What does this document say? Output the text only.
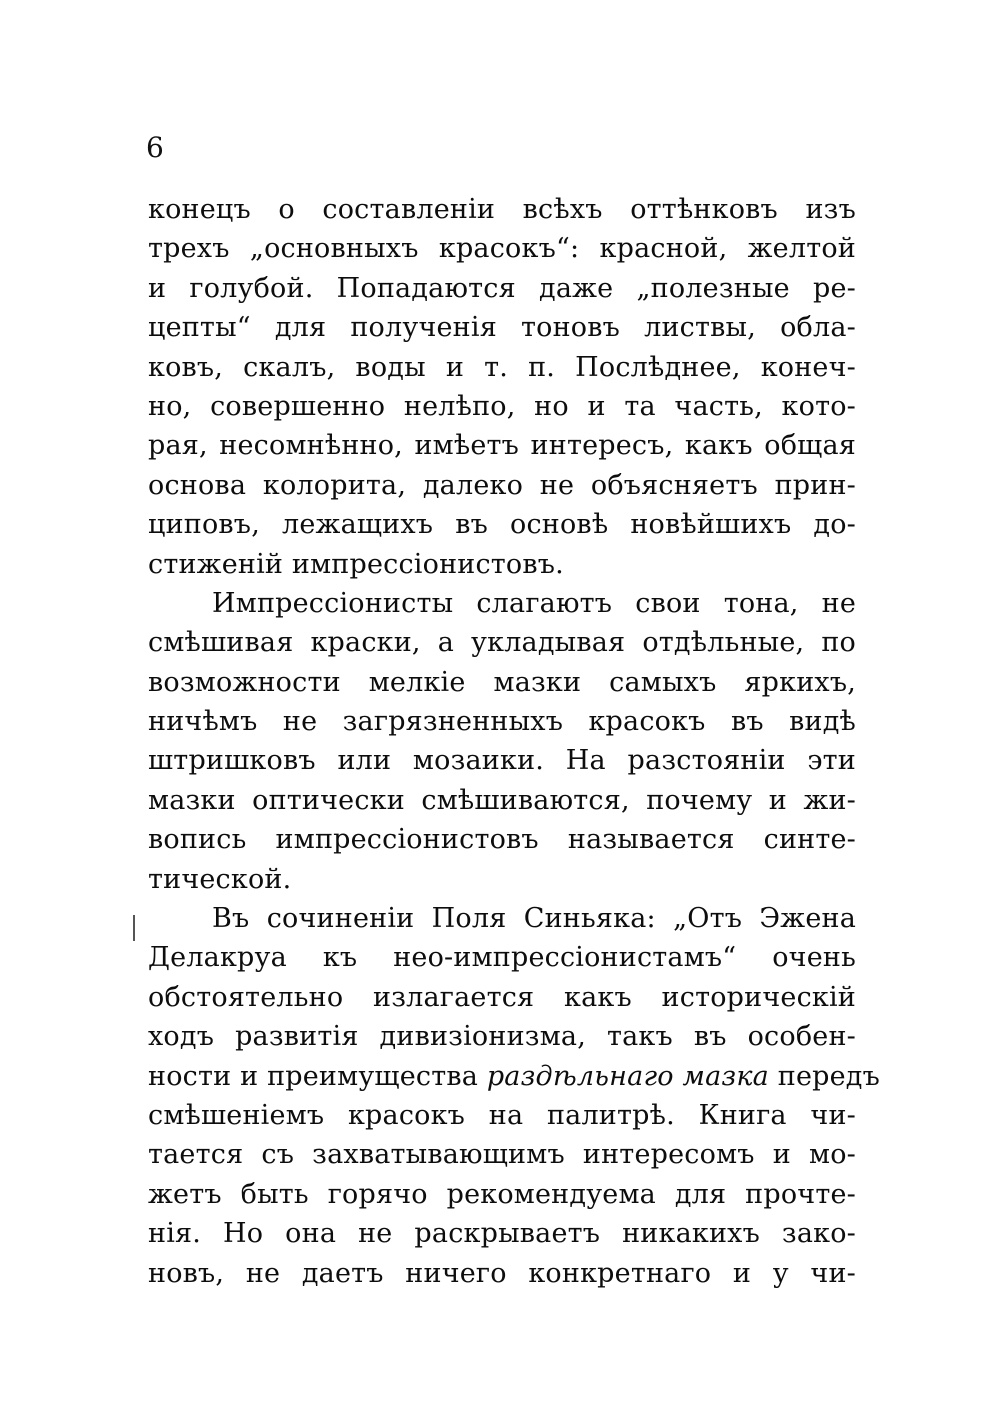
6
конецъ о составленіи всѣхъ оттѣнковъ изъ
трехъ „основныхъ красокъ“: красной, желтой
и голубой. Попадаются даже „полезные ре-
цепты“ для полученія тоновъ листвы, обла-
ковъ, скалъ, воды и т. п. Послѣднее, конеч-
но, совершенно нелѣпо, но и та часть, кото-
рая, несомнѣнно, имѣетъ интересъ, какъ общая
основа колорита, далеко не объясняетъ прин-
циповъ, лежащихъ въ основѣ новѣйшихъ до-
стиженій импрессіонистовъ.
Импрессіонисты слагаютъ свои тона, не
смѣшивая краски, а укладывая отдѣльные, по
возможности мелкіе мазки самыхъ яркихъ,
ничѣмъ не загрязненныхъ красокъ въ видѣ
штришковъ или мозаики. На разстояніи эти
мазки оптически смѣшиваются, почему и жи-
вопись импрессіонистовъ называется синте-
тической.
Въ сочиненіи Поля Синьяка: „Отъ Эжена
Делакруа къ нео-импрессіонистамъ“ очень
обстоятельно излагается какъ историческій
ходъ развитія дивизіонизма, такъ въ особен-
ности и преимущества раздѣльнаго мазка передъ
смѣшеніемъ красокъ на палитрѣ. Книга чи-
тается съ захватывающимъ интересомъ и мо-
жетъ быть горячо рекомендуема для прочте-
нія. Но она не раскрываетъ никакихъ зако-
новъ, не даетъ ничего конкретнаго и у чи-
